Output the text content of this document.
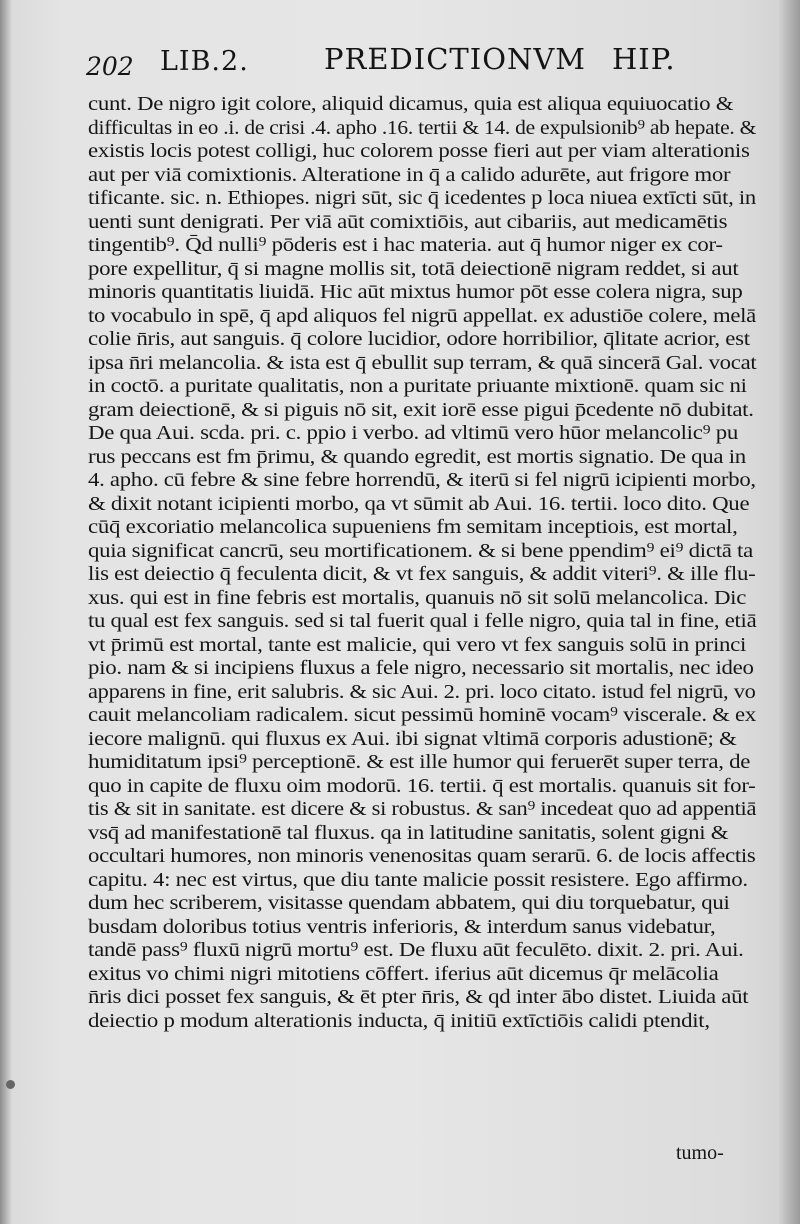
202 LIB.2.	PREDICTIONVM HIP.
cunt. De nigro igit colore, aliquid dicamus, quia est aliqua equiuocatio &
difficultas in eo .i. de crisi .4. apho .16. tertii & 14. de expulsionib⁹ ab hepate. &
existis locis potest colligi, huc colorem posse fieri aut per viam alterationis
aut per viā comixtionis. Alteratione in q̄ a calido adurēte, aut frigore mor
tificante. sic. n. Ethiopes. nigri sūt, sic q̄ icedentes p loca niuea extīcti sūt, in
uenti sunt denigrati. Per viā aūt comixtiōis, aut cibariis, aut medicamētis
tingentib⁹. Q̄d nulli⁹ pōderis est i hac materia. aut q̄ humor niger ex cor-
pore expellitur, q̄ si magne mollis sit, totā deiectionē nigram reddet, si aut
minoris quantitatis liuidā. Hic aūt mixtus humor pōt esse colera nigra, sup
to vocabulo in spē, q̄ apd aliquos fel nigrū appellat. ex adustiōe colere, melā
colie n̄ris, aut sanguis. q̄ colore lucidior, odore horribilior, q̄litate acrior, est
ipsa n̄ri melancolia. & ista est q̄ ebullit sup terram, & quā sincerā Gal. vocat
in coctō. a puritate qualitatis, non a puritate priuante mixtionē. quam sic ni
gram deiectionē, & si piguis nō sit, exit iorē esse pigui p̄cedente nō dubitat.
De qua Aui. scda. pri. c. ppio i verbo. ad vltimū vero hūor melancolic⁹ pu
rus peccans est fm p̄rimu, & quando egredit, est mortis signatio. De qua in
4. apho. cū febre & sine febre horrendū, & iterū si fel nigrū icipienti morbo,
& dixit notant icipienti morbo, qa vt sūmit ab Aui. 16. tertii. loco dito. Que
cūq̄ excoriatio melancolica supueniens fm semitam inceptiois, est mortal,
quia significat cancrū, seu mortificationem. & si bene ppendim⁹ ei⁹ dictā ta
lis est deiectio q̄ feculenta dicit, & vt fex sanguis, & addit viteri⁹. & ille flu-
xus. qui est in fine febris est mortalis, quanuis nō sit solū melancolica. Dic
tu qual est fex sanguis. sed si tal fuerit qual i felle nigro, quia tal in fine, etiā
vt p̄rimū est mortal, tante est malicie, qui vero vt fex sanguis solū in princi
pio. nam & si incipiens fluxus a fele nigro, necessario sit mortalis, nec ideo
apparens in fine, erit salubris. & sic Aui. 2. pri. loco citato. istud fel nigrū, vo
cauit melancoliam radicalem. sicut pessimū hominē vocam⁹ viscerale. & ex
iecore malignū. qui fluxus ex Aui. ibi signat vltimā corporis adustionē; &
humiditatum ipsi⁹ perceptionē. & est ille humor qui feruerēt super terra, de
quo in capite de fluxu oim modorū. 16. tertii. q̄ est mortalis. quanuis sit for-
tis & sit in sanitate. est dicere & si robustus. & san⁹ incedeat quo ad appentiā
vsq̄ ad manifestationē tal fluxus. qa in latitudine sanitatis, solent gigni &
occultari humores, non minoris venenositas quam serarū. 6. de locis affectis
capitu. 4: nec est virtus, que diu tante malicie possit resistere. Ego affirmo.
dum hec scriberem, visitasse quendam abbatem, qui diu torquebatur, qui
busdam doloribus totius ventris inferioris, & interdum sanus videbatur,
tandē pass⁹ fluxū nigrū mortu⁹ est. De fluxu aūt feculēto. dixit. 2. pri. Aui.
exitus vo chimi nigri mitotiens cōffert. iferius aūt dicemus q̄r melācolia
n̄ris dici posset fex sanguis, & ēt pter n̄ris, & qd inter ābo distet. Liuida aūt
deiectio p modum alterationis inducta, q̄ initiū extīctiōis calidi ptendit,
tumo-
